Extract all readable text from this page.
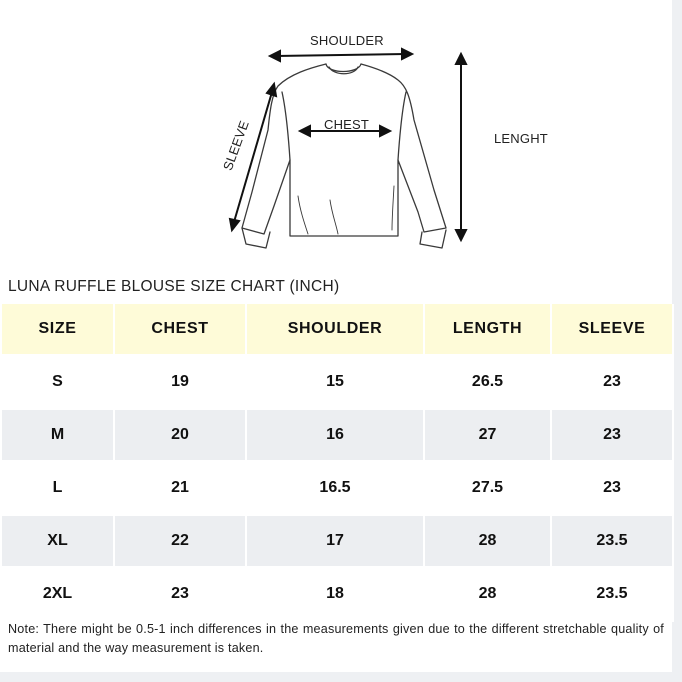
SHOULDER
CHEST
LENGHT
SLEEVE
LUNA RUFFLE BLOUSE SIZE CHART (INCH)
SIZE	CHEST	SHOULDER	LENGTH	SLEEVE
S	19	15	26.5	23
M	20	16	27	23
L	21	16.5	27.5	23
XL	22	17	28	23.5
2XL	23	18	28	23.5
Note: There might be 0.5-1 inch differences in the measurements given due to the different stretchable quality of material and the way measurement is taken.
